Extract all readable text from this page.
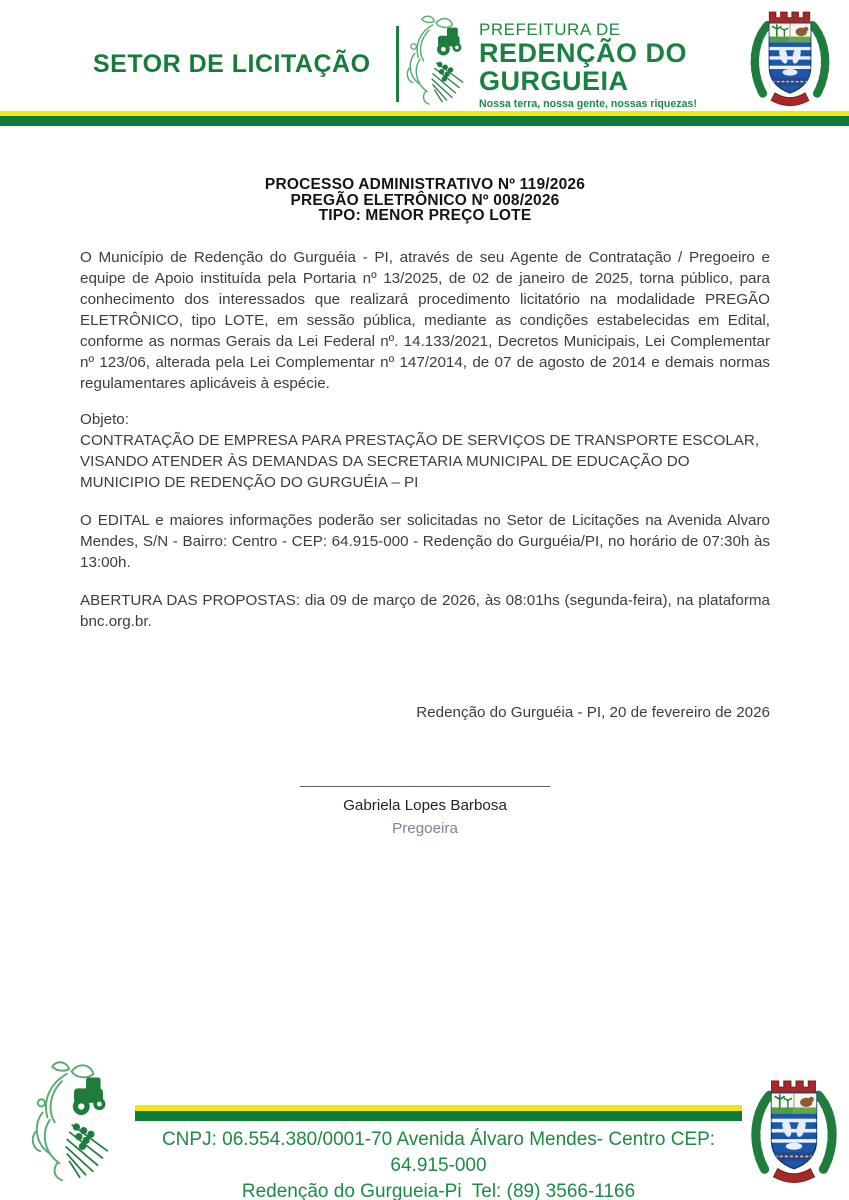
SETOR DE LICITAÇÃO
PREFEITURA DE
REDENÇÃO DO
GURGUEIA
Nossa terra, nossa gente, nossas riquezas!
PROCESSO ADMINISTRATIVO Nº 119/2026
PREGÃO ELETRÔNICO Nº 008/2026
TIPO: MENOR PREÇO LOTE

O Município de Redenção do Gurguéia - PI, através de seu Agente de Contratação / Pregoeiro e equipe de Apoio instituída pela Portaria nº 13/2025, de 02 de janeiro de 2025, torna público, para conhecimento dos interessados que realizará procedimento licitatório na modalidade PREGÃO ELETRÔNICO, tipo LOTE, em sessão pública, mediante as condições estabelecidas em Edital, conforme as normas Gerais da Lei Federal nº. 14.133/2021, Decretos Municipais, Lei Complementar nº 123/06, alterada pela Lei Complementar nº 147/2014, de 07 de agosto de 2014 e demais normas regulamentares aplicáveis à espécie.

Objeto:

CONTRATAÇÃO DE EMPRESA PARA PRESTAÇÃO DE SERVIÇOS DE TRANSPORTE ESCOLAR, VISANDO ATENDER ÀS DEMANDAS DA SECRETARIA MUNICIPAL DE EDUCAÇÃO DO MUNICIPIO DE REDENÇÃO DO GURGUÉIA – PI

O EDITAL e maiores informações poderão ser solicitadas no Setor de Licitações na Avenida Alvaro Mendes, S/N - Bairro: Centro - CEP: 64.915-000 - Redenção do Gurguéia/PI, no horário de 07:30h às 13:00h.

ABERTURA DAS PROPOSTAS: dia 09 de março de 2026, às 08:01hs (segunda-feira), na plataforma bnc.org.br.

Redenção do Gurguéia - PI, 20 de fevereiro de 2026

______________________________
Gabriela Lopes Barbosa
Pregoeira
CNPJ: 06.554.380/0001-70 Avenida Álvaro Mendes- Centro CEP: 64.915-000
Redenção do Gurgueia-Pi  Tel: (89) 3566-1166
